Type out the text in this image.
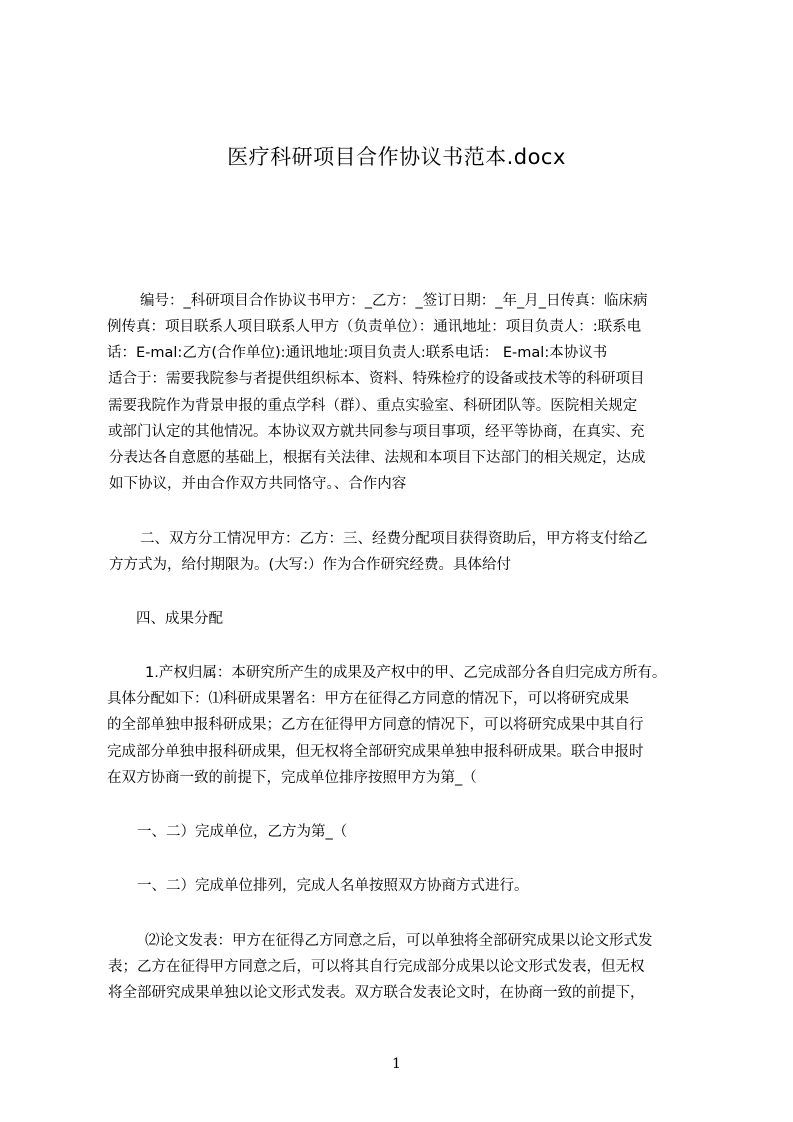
医疗科研项目合作协议书范本.docx
编号：_科研项目合作协议书甲方：_乙方：_签订日期：_年_月_日传真：临床病
例传真：项目联系人项目联系人甲方（负责单位）：通讯地址：项目负责人：:联系电
话：E-mal:乙方(合作单位):通讯地址:项目负责人:联系电话： E-mal:本协议书
适合于：需要我院参与者提供组织标本、资料、特殊检疗的设备或技术等的科研项目
需要我院作为背景申报的重点学科（群）、重点实验室、科研团队等。医院相关规定
或部门认定的其他情况。本协议双方就共同参与项目事项，经平等协商，在真实、充
分表达各自意愿的基础上，根据有关法律、法规和本项目下达部门的相关规定，达成
如下协议，并由合作双方共同恪守。、合作内容
二、双方分工情况甲方：乙方：三、经费分配项目获得资助后，甲方将支付给乙
方方式为，给付期限为。(大写:）作为合作研究经费。具体给付
四、成果分配
1.产权归属：本研究所产生的成果及产权中的甲、乙完成部分各自归完成方所有。
具体分配如下：⑴科研成果署名：甲方在征得乙方同意的情况下，可以将研究成果
的全部单独申报科研成果；乙方在征得甲方同意的情况下，可以将研究成果中其自行
完成部分单独申报科研成果，但无权将全部研究成果单独申报科研成果。联合申报时
在双方协商一致的前提下，完成单位排序按照甲方为第_（
一、二）完成单位，乙方为第_（
一、二）完成单位排列，完成人名单按照双方协商方式进行。
⑵论文发表：甲方在征得乙方同意之后，可以单独将全部研究成果以论文形式发
表；乙方在征得甲方同意之后，可以将其自行完成部分成果以论文形式发表，但无权
将全部研究成果单独以论文形式发表。双方联合发表论文时，在协商一致的前提下，
1
